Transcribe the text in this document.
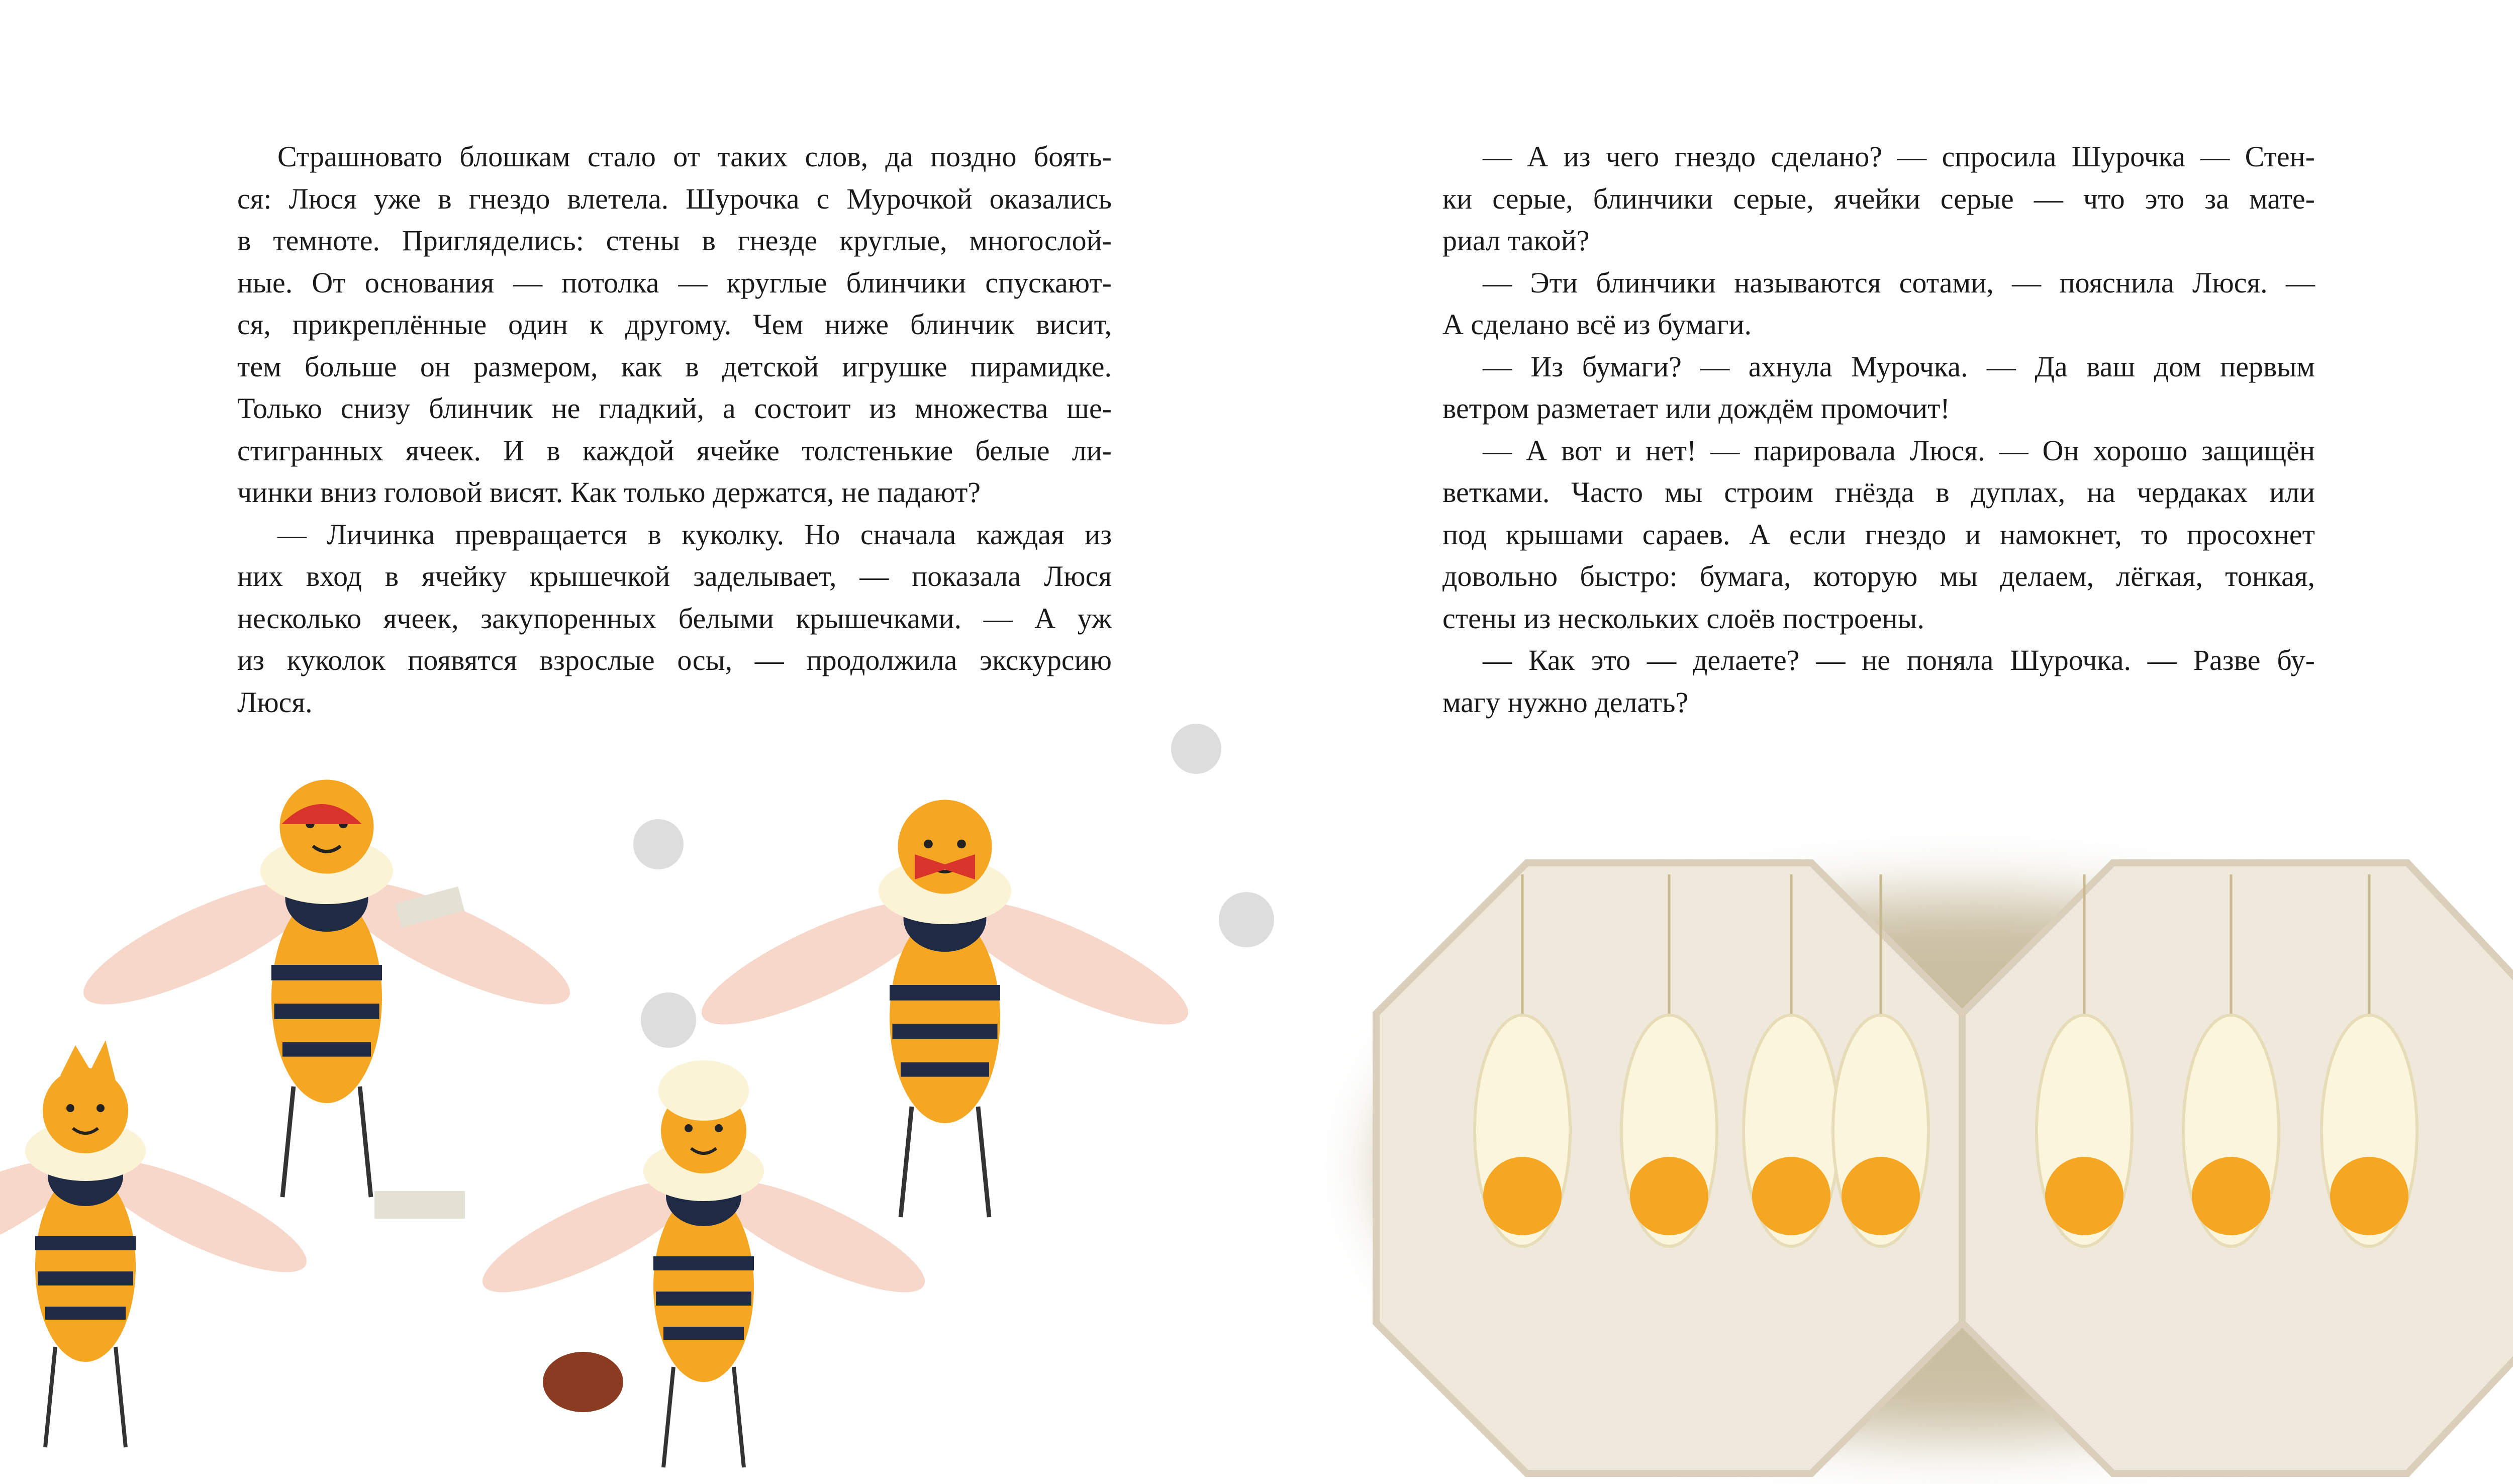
Страшновато блошкам стало от таких слов, да поздно боять-
ся: Люся уже в гнездо влетела. Шурочка с Мурочкой оказались
в темноте. Пригляделись: стены в гнезде круглые, многослой-
ные. От основания — потолка — круглые блинчики спускают-
ся, прикреплённые один к другому. Чем ниже блинчик висит,
тем больше он размером, как в детской игрушке пирамидке.
Только снизу блинчик не гладкий, а состоит из множества ше-
стигранных ячеек. И в каждой ячейке толстенькие белые ли-
чинки вниз головой висят. Как только держатся, не падают?
— Личинка превращается в куколку. Но сначала каждая из
них вход в ячейку крышечкой заделывает, — показала Люся
несколько ячеек, закупоренных белыми крышечками. — А уж
из куколок появятся взрослые осы, — продолжила экскурсию
Люся.
— А из чего гнездо сделано? — спросила Шурочка — Стен-
ки серые, блинчики серые, ячейки серые — что это за мате-
риал такой?
— Эти блинчики называются сотами, — пояснила Люся. —
А сделано всё из бумаги.
— Из бумаги? — ахнула Мурочка. — Да ваш дом первым
ветром разметает или дождём промочит!
— А вот и нет! — парировала Люся. — Он хорошо защищён
ветками. Часто мы строим гнёзда в дуплах, на чердаках или
под крышами сараев. А если гнездо и намокнет, то просохнет
довольно быстро: бумага, которую мы делаем, лёгкая, тонкая,
стены из нескольких слоёв построены.
— Как это — делаете? — не поняла Шурочка. — Разве бу-
магу нужно делать?
